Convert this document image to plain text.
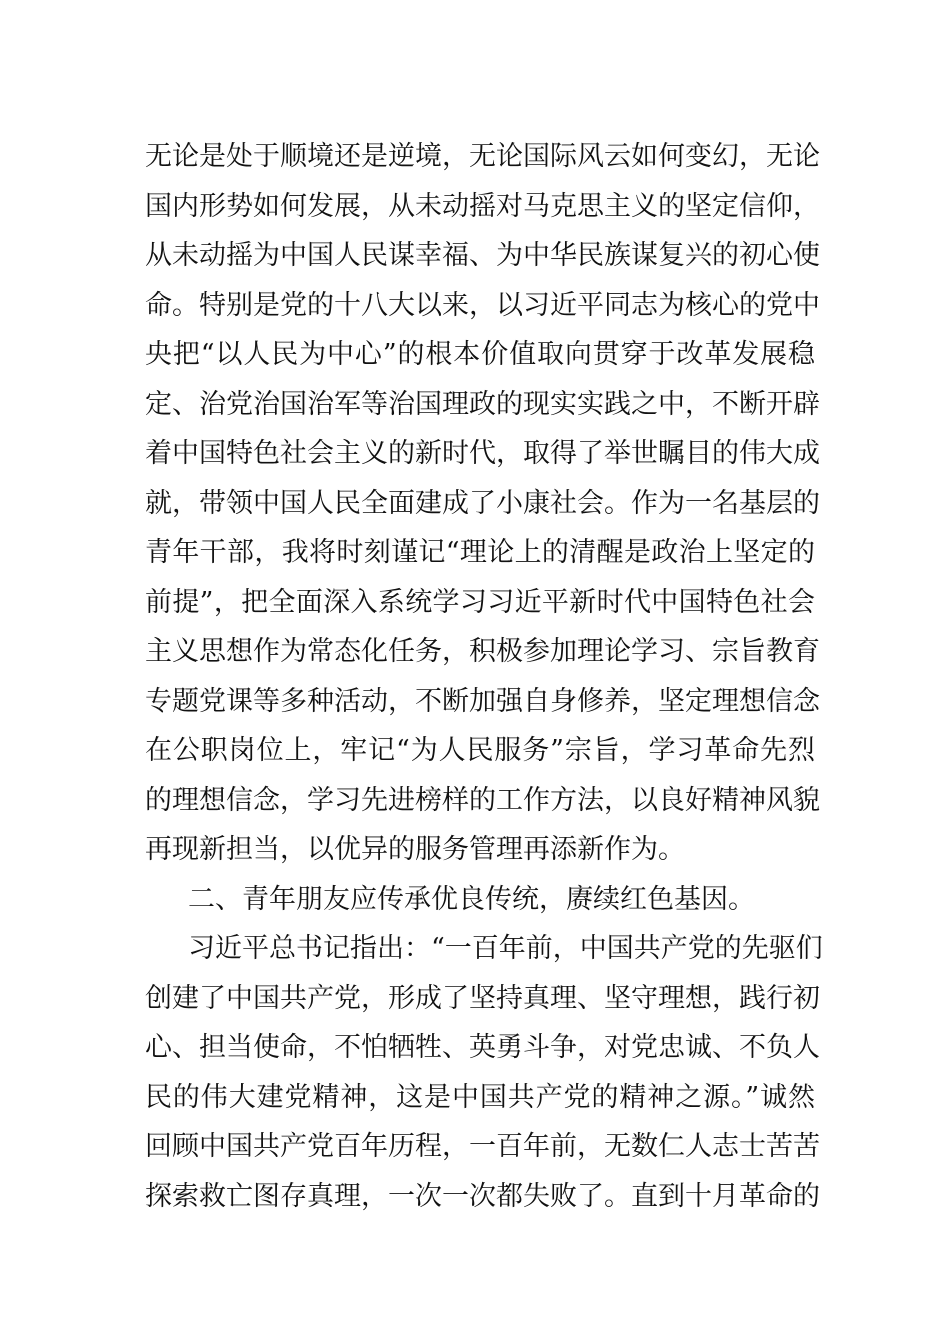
无论是处于顺境还是逆境，无论国际风云如何变幻，无论
国内形势如何发展，从未动摇对马克思主义的坚定信仰，
从未动摇为中国人民谋幸福、为中华民族谋复兴的初心使
命。特别是党的十八大以来，以习近平同志为核心的党中
央把“以人民为中心”的根本价值取向贯穿于改革发展稳
定、治党治国治军等治国理政的现实实践之中，不断开辟
着中国特色社会主义的新时代，取得了举世瞩目的伟大成
就，带领中国人民全面建成了小康社会。作为一名基层的
青年干部，我将时刻谨记“理论上的清醒是政治上坚定的
前提”，把全面深入系统学习习近平新时代中国特色社会
主义思想作为常态化任务，积极参加理论学习、宗旨教育
专题党课等多种活动，不断加强自身修养，坚定理想信念
在公职岗位上，牢记“为人民服务”宗旨，学习革命先烈
的理想信念，学习先进榜样的工作方法，以良好精神风貌
再现新担当，以优异的服务管理再添新作为。
二、青年朋友应传承优良传统，赓续红色基因。
习近平总书记指出：“一百年前，中国共产党的先驱们
创建了中国共产党，形成了坚持真理、坚守理想，践行初
心、担当使命，不怕牺牲、英勇斗争，对党忠诚、不负人
民的伟大建党精神，这是中国共产党的精神之源。”诚然
回顾中国共产党百年历程，一百年前，无数仁人志士苦苦
探索救亡图存真理，一次一次都失败了。直到十月革命的
